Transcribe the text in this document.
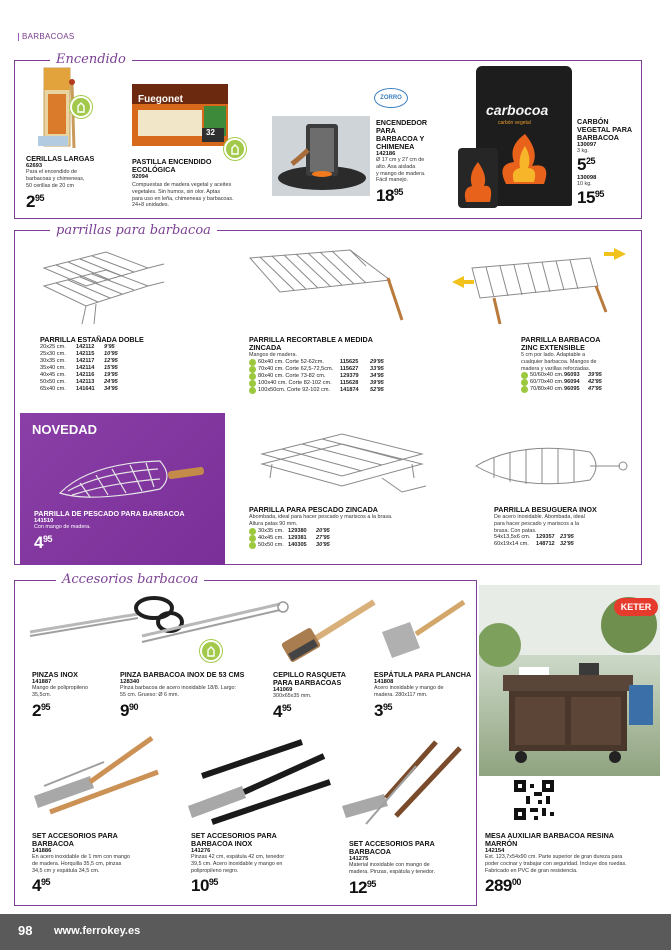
BARBACOAS
Encendido
CERILLAS LARGAS
62693
Para el encendido de
barbacoas y chimeneas,
50 cerillas de 20 cm
$2^{95}$
Fuegonet
32
PASTILLA ENCENDIDO
ECOLÓGICA
92094
Compuestas de madera vegetal y aceites
vegetales. Sin humos, sin olor. Aptas
para uso en leña, chimeneas y barbacoas.
24+8 unidades.
ZORRO
ENCENDEDOR
PARA
BARBACOA Y
CHIMENEA
142186
Ø 17 cm y 27 cm de
alto. Asa aislada
y mango de madera.
Fácil manejo.
$18^{95}$
carbocoa
carbón vegetal	CARBÓN
VEGETAL PARA
BARBACOA
130097
3 kg.
$5^{25}$
130098
10 kg.
$15^{95}$
parrillas para barbacoa
PARRILLA ESTAÑADA DOBLE
20x25 cm.	142112	9'95
25x30 cm.	142115	10'95
30x35 cm.	142117	12'95
35x40 cm.	142114	15'95
40x45 cm.	142116	19'95
50x50 cm.	142113	24'95
65x40 cm.	141641	34'95
PARRILLA RECORTABLE A MEDIDA
ZINCADA
Mangos de madera.
60x40 cm. Corte 52-62cm.	115625	29'95
70x40 cm. Corte 62,5-72,5cm.	115627	33'95
80x40 cm. Corte 73-82 cm.	129379	34'95
100x40 cm. Corte 82-102 cm.	115628	39'95
100x50cm. Corte 92-102 cm.	141874	52'95
PARRILLA BARBACOA
ZINC EXTENSIBLE
5 cm por lado. Adaptable a
cualquier barbacoa. Mangos de
madera y varillas reforzadas.
50/60x40 cm. 96093	39'95
60/70x40 cm. 96094	42'95
70/80x40 cm. 96095	47'95
NOVEDAD
PARRILLA DE PESCADO PARA BARBACOA
141510
Con mango de madera.
$4^{95}$
PARRILLA PARA PESCADO ZINCADA
Abombada, ideal para hacer pescado y mariscos a la brasa.
Altura patas 90 mm.
30x35 cm. 129380	20'95
40x45 cm. 129381	27'95
50x50 cm. 140305	30'95
PARRILLA BESUGUERA INOX
De acero inoxidable. Abombada, ideal
para hacer pescado y mariscos a la
brasa. Con patas.
54x13,5x6 cm.	129357 23'95
60x19x14 cm.	148712 32'95
Accesorios barbacoa
PINZAS INOX
141887
Mango de polipropileno
35,5cm.
$2^{95}$
PINZA BARBACOA INOX DE 53 CMS
128340
Pinza barbacoa de acero inoxidable 18/8. Largo:
55 cm. Grueso: Ø 6 mm.
$9^{90}$
CEPILLO RASQUETA
PARA BARBACOAS
141069
300x65x35 mm.
$4^{95}$
ESPÁTULA PARA PLANCHA
141808
Acero inoxidable y mango de
madera. 280x117 mm.
$3^{95}$
SET ACCESORIOS PARA
BARBACOA
141886
En acero inoxidable de 1 mm con mango
de madera. Horquilla 35,5 cm, pinzas
34,5 cm y espátula 34,5 cm.
$4^{95}$
SET ACCESORIOS PARA
BARBACOA INOX
141276
Pinzas 42 cm, espátula 42 cm, tenedor
39,5 cm. Acero inoxidable y mango en
polipropileno negro.
$10^{95}$
SET ACCESORIOS PARA
BARBACOA
141275
Material inoxidable con mango de
madera. Pinzas, espátula y tenedor.
$12^{95}$
KETER
MESA AUXILIAR BARBACOA RESINA
MARRÓN
142154
Ext. 123,7x54x90 cm. Parte superior de gran dureza para
poder cocinar y trabajar con seguridad. Incluye dos ruedas.
Fabricado en PVC de gran resistencia.
$289^{00}$
98 www.ferrokey.es
